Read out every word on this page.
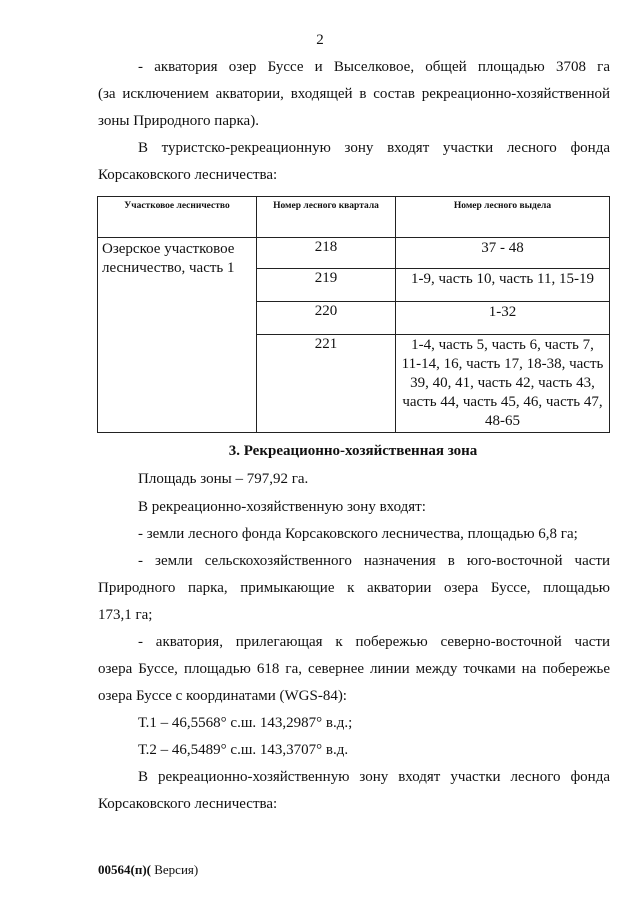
2
- акватория озер Буссе и Выселковое, общей площадью 3708 га
(за исключением акватории, входящей в состав рекреационно-хозяйственной
зоны Природного парка).
В туристско-рекреационную зону входят участки лесного фонда
Корсаковского лесничества:
Участковое лесничество	Номер лесного квартала	Номер лесного выдела
Озерское участковое лесничество, часть 1	218	37 - 48
	219	1-9, часть 10, часть 11, 15-19
	220	1-32
	221	1-4, часть 5, часть 6, часть 7, 11-14, 16, часть 17, 18-38, часть 39, 40, 41, часть 42, часть 43, часть 44, часть 45, 46, часть 47, 48-65
3. Рекреационно-хозяйственная зона
Площадь зоны – 797,92 га.
В рекреационно-хозяйственную зону входят:
- земли лесного фонда Корсаковского лесничества, площадью 6,8 га;
- земли сельскохозяйственного назначения в юго-восточной части
Природного парка, примыкающие к акватории озера Буссе, площадью
173,1 га;
- акватория, прилегающая к побережью северно-восточной части
озера Буссе, площадью 618 га, севернее линии между точками на побережье
озера Буссе с координатами (WGS-84):
Т.1 – 46,5568° с.ш. 143,2987° в.д.;
Т.2 – 46,5489° с.ш. 143,3707° в.д.
В рекреационно-хозяйственную зону входят участки лесного фонда
Корсаковского лесничества:
00564(п)( Версия)
